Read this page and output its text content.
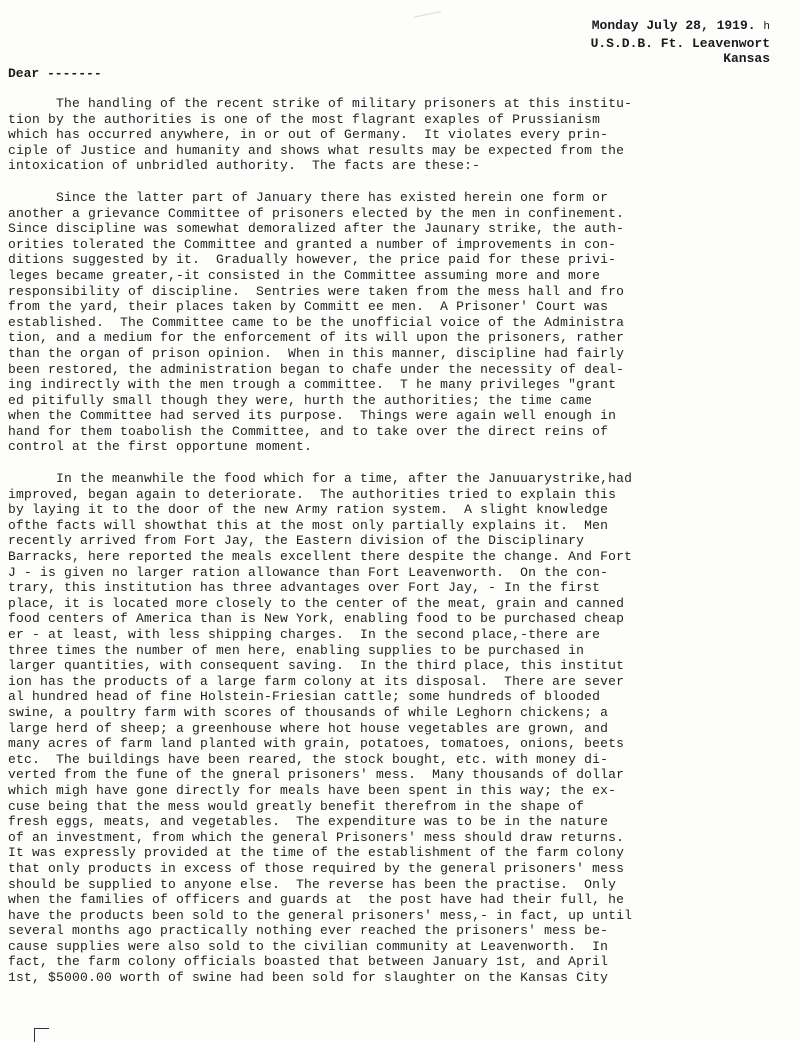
Monday July 28, 1919. h
U.S.D.B. Ft. Leavenwort
Kansas
Dear -------
The handling of the recent strike of military prisoners at this institu-
tion by the authorities is one of the most flagrant exaples of Prussianism
which has occurred anywhere, in or out of Germany.  It violates every prin-
ciple of Justice and humanity and shows what results may be expected from the
intoxication of unbridled authority.  The facts are these:-
Since the latter part of January there has existed herein one form or
another a grievance Committee of prisoners elected by the men in confinement.
Since discipline was somewhat demoralized after the Jaunary strike, the auth-
orities tolerated the Committee and granted a number of improvements in con-
ditions suggested by it.  Gradually however, the price paid for these privi-
leges became greater,-it consisted in the Committee assuming more and more
responsibility of discipline.  Sentries were taken from the mess hall and fro
from the yard, their places taken by Committ ee men.  A Prisoner' Court was
established.  The Committee came to be the unofficial voice of the Administra
tion, and a medium for the enforcement of its will upon the prisoners, rather
than the organ of prison opinion.  When in this manner, discipline had fairly
been restored, the administration began to chafe under the necessity of deal-
ing indirectly with the men trough a committee.  T he many privileges "grant
ed pitifully small though they were, hurth the authorities; the time came
when the Committee had served its purpose.  Things were again well enough in
hand for them toabolish the Committee, and to take over the direct reins of
control at the first opportune moment.
In the meanwhile the food which for a time, after the Januuarystrike,had
improved, began again to deteriorate.  The authorities tried to explain this
by laying it to the door of the new Army ration system.  A slight knowledge
ofthe facts will showthat this at the most only partially explains it.  Men
recently arrived from Fort Jay, the Eastern division of the Disciplinary
Barracks, here reported the meals excellent there despite the change. And Fort
J - is given no larger ration allowance than Fort Leavenworth.  On the con-
trary, this institution has three advantages over Fort Jay, - In the first
place, it is located more closely to the center of the meat, grain and canned
food centers of America than is New York, enabling food to be purchased cheap
er - at least, with less shipping charges.  In the second place,-there are
three times the number of men here, enabling supplies to be purchased in
larger quantities, with consequent saving.  In the third place, this institut
ion has the products of a large farm colony at its disposal.  There are sever
al hundred head of fine Holstein-Friesian cattle; some hundreds of blooded
swine, a poultry farm with scores of thousands of while Leghorn chickens; a
large herd of sheep; a greenhouse where hot house vegetables are grown, and
many acres of farm land planted with grain, potatoes, tomatoes, onions, beets
etc.  The buildings have been reared, the stock bought, etc. with money di-
verted from the fune of the gneral prisoners' mess.  Many thousands of dollar
which migh have gone directly for meals have been spent in this way; the ex-
cuse being that the mess would greatly benefit therefrom in the shape of
fresh eggs, meats, and vegetables.  The expenditure was to be in the nature
of an investment, from which the general Prisoners' mess should draw returns.
It was expressly provided at the time of the establishment of the farm colony
that only products in excess of those required by the general prisoners' mess
should be supplied to anyone else.  The reverse has been the practise.  Only
when the families of officers and guards at  the post have had their full, he
have the products been sold to the general prisoners' mess,- in fact, up until
several months ago practically nothing ever reached the prisoners' mess be-
cause supplies were also sold to the civilian community at Leavenworth.  In
fact, the farm colony officials boasted that between January 1st, and April
1st, $5000.00 worth of swine had been sold for slaughter on the Kansas City
